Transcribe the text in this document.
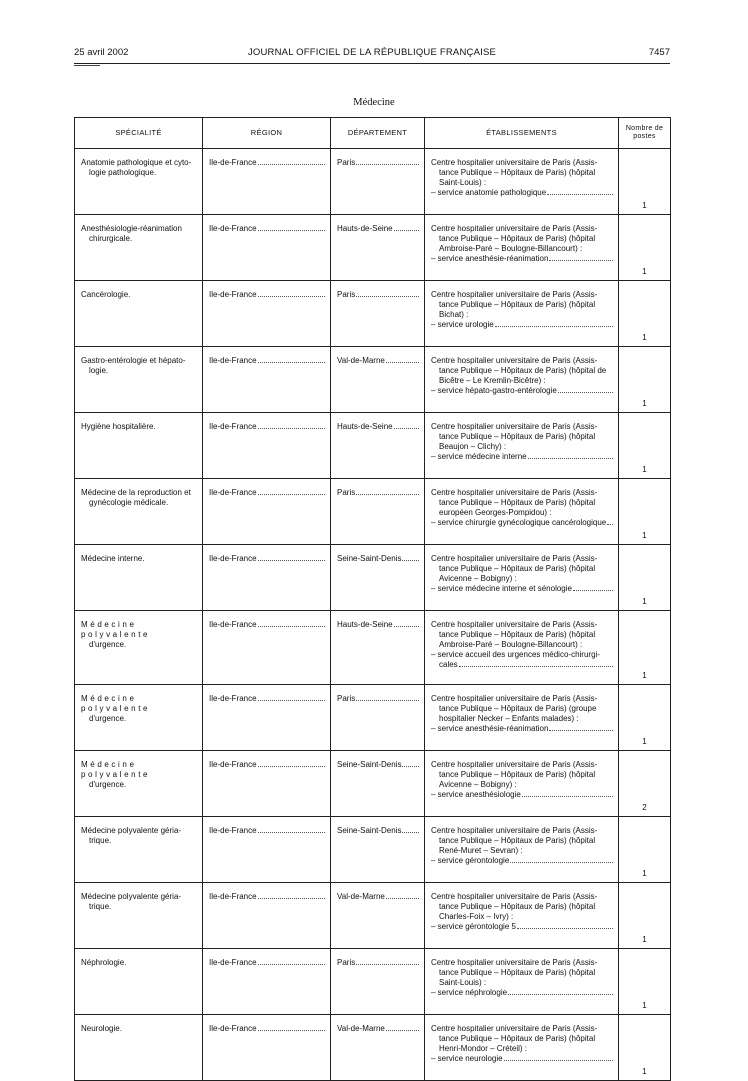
25 avril 2002	JOURNAL OFFICIEL DE LA RÉPUBLIQUE FRANÇAISE	7457
Médecine
SPÉCIALITÉ	RÉGION	DÉPARTEMENT	ÉTABLISSEMENTS	Nombre de postes

Anatomie pathologique et cyto-
logie pathologique.	Ile-de-France	Paris	Centre hospitalier universitaire de Paris (Assis-
tance Publique – Hôpitaux de Paris) (hôpital
Saint-Louis) :
– service anatomie pathologique	1

Anesthésiologie-réanimation
chirurgicale.	Ile-de-France	Hauts-de-Seine	Centre hospitalier universitaire de Paris (Assis-
tance Publique – Hôpitaux de Paris) (hôpital
Ambroise-Paré – Boulogne-Billancourt) :
– service anesthésie-réanimation	1

Cancérologie.	Ile-de-France	Paris	Centre hospitalier universitaire de Paris (Assis-
tance Publique – Hôpitaux de Paris) (hôpital
Bichat) :
– service urologie	1

Gastro-entérologie et hépato-
logie.	Ile-de-France	Val-de-Marne	Centre hospitalier universitaire de Paris (Assis-
tance Publique – Hôpitaux de Paris) (hôpital de
Bicêtre – Le Kremlin-Bicêtre) :
– service hépato-gastro-entérologie	1

Hygiène hospitalière.	Ile-de-France	Hauts-de-Seine	Centre hospitalier universitaire de Paris (Assis-
tance Publique – Hôpitaux de Paris) (hôpital
Beaujon – Clichy) :
– service médecine interne	1

Médecine de la reproduction et
gynécologie médicale.	Ile-de-France	Paris	Centre hospitalier universitaire de Paris (Assis-
tance Publique – Hôpitaux de Paris) (hôpital
européen Georges-Pompidou) :
– service chirurgie gynécologique cancérologique	1

Médecine interne.	Ile-de-France	Seine-Saint-Denis	Centre hospitalier universitaire de Paris (Assis-
tance Publique – Hôpitaux de Paris) (hôpital
Avicenne – Bobigny) :
– service médecine interne et sénologie	1

Médecine polyvalente
d'urgence.	Ile-de-France	Hauts-de-Seine	Centre hospitalier universitaire de Paris (Assis-
tance Publique – Hôpitaux de Paris) (hôpital
Ambroise-Paré – Boulogne-Billancourt) :
– service accueil des urgences médico-chirurgi-
cales	1

Médecine polyvalente
d'urgence.	Ile-de-France	Paris	Centre hospitalier universitaire de Paris (Assis-
tance Publique – Hôpitaux de Paris) (groupe
hospitalier Necker – Enfants malades) :
– service anesthésie-réanimation	1

Médecine polyvalente
d'urgence.	Ile-de-France	Seine-Saint-Denis	Centre hospitalier universitaire de Paris (Assis-
tance Publique – Hôpitaux de Paris) (hôpital
Avicenne – Bobigny) :
– service anesthésiologie	2

Médecine polyvalente géria-
trique.	Ile-de-France	Seine-Saint-Denis	Centre hospitalier universitaire de Paris (Assis-
tance Publique – Hôpitaux de Paris) (hôpital
René-Muret – Sevran) :
– service gérontologie	1

Médecine polyvalente géria-
trique.	Ile-de-France	Val-de-Marne	Centre hospitalier universitaire de Paris (Assis-
tance Publique – Hôpitaux de Paris) (hôpital
Charles-Foix – Ivry) :
– service gérontologie 5	1

Néphrologie.	Ile-de-France	Paris	Centre hospitalier universitaire de Paris (Assis-
tance Publique – Hôpitaux de Paris) (hôpital
Saint-Louis) :
– service néphrologie	1

Neurologie.	Ile-de-France	Val-de-Marne	Centre hospitalier universitaire de Paris (Assis-
tance Publique – Hôpitaux de Paris) (hôpital
Henri-Mondor – Créteil) :
– service neurologie	1
